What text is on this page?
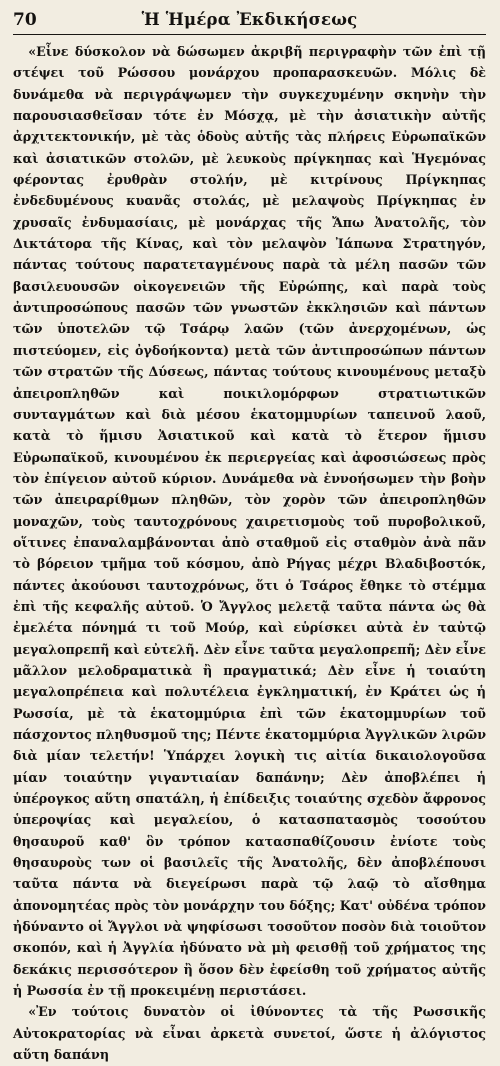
70	Ἡ Ἡμέρα Ἐκδικήσεως

«Εἶνε δύσκολον νὰ δώσωμεν ἀκριβῆ περιγραφὴν τῶν ἐπὶ τῇ στέψει τοῦ Ρώσσου μονάρχου προπαρασκευῶν. Μόλις δὲ δυνάμεθα νὰ περιγράψωμεν τὴν συγκεχυμένην σκηνὴν τὴν παρουσιασθεῖσαν τότε ἐν Μόσχᾳ, μὲ τὴν ἀσιατικὴν αὐτῆς ἀρχιτεκτονικήν, μὲ τὰς ὁδοὺς αὐτῆς τὰς πλήρεις Εὐρωπαϊκῶν καὶ ἀσιατικῶν στολῶν, μὲ λευκοὺς πρίγκηπας καὶ Ἡγεμόνας φέροντας ἐρυθρὰν στολήν, μὲ κιτρίνους Πρίγκηπας ἐνδεδυμένους κυανᾶς στολάς, μὲ μελαψοὺς Πρίγκηπας ἐν χρυσαῖς ἐνδυμασίαις, μὲ μονάρχας τῆς Ἄπω Ἀνατολῆς, τὸν Δικτάτορα τῆς Κίνας, καὶ τὸν μελαψὸν Ἰάπωνα Στρατηγόν, πάντας τούτους παρατεταγμένους παρὰ τὰ μέλη πασῶν τῶν βασιλευουσῶν οἰκογενειῶν τῆς Εὐρώπης, καὶ παρὰ τοὺς ἀντιπροσώπους πασῶν τῶν γνωστῶν ἐκκλησιῶν καὶ πάντων τῶν ὑποτελῶν τῷ Τσάρῳ λαῶν (τῶν ἀνερχομένων, ὡς πιστεύομεν, εἰς ὀγδοήκοντα) μετὰ τῶν ἀντιπροσώπων πάντων τῶν στρατῶν τῆς Δύσεως, πάντας τούτους κινουμένους μεταξὺ ἀπειροπληθῶν καὶ ποικιλομόρφων στρατιωτικῶν συνταγμάτων καὶ διὰ μέσου ἑκατομμυρίων ταπεινοῦ λαοῦ, κατὰ τὸ ἥμισυ Ἀσιατικοῦ καὶ κατὰ τὸ ἕτερον ἥμισυ Εὐρωπαϊκοῦ, κινουμένου ἐκ περιεργείας καὶ ἀφοσιώσεως πρὸς τὸν ἐπίγειον αὐτοῦ κύριον. Δυνάμεθα νὰ ἐννοήσωμεν τὴν βοὴν τῶν ἀπειραρίθμων πληθῶν, τὸν χορὸν τῶν ἀπειροπληθῶν μοναχῶν, τοὺς ταυτοχρόνους χαιρετισμοὺς τοῦ πυροβολικοῦ, οἵτινες ἐπαναλαμβάνονται ἀπὸ σταθμοῦ εἰς σταθμὸν ἀνὰ πᾶν τὸ βόρειον τμῆμα τοῦ κόσμου, ἀπὸ Ρήγας μέχρι Βλαδιβοστόκ, πάντες ἀκούουσι ταυτοχρόνως, ὅτι ὁ Τσάρος ἔθηκε τὸ στέμμα ἐπὶ τῆς κεφαλῆς αὐτοῦ. Ὁ Ἄγγλος μελετᾷ ταῦτα πάντα ὡς θὰ ἐμελέτα πόνημά τι τοῦ Μούρ, καὶ εὑρίσκει αὐτὰ ἐν ταὐτῷ μεγαλοπρεπῆ καὶ εὐτελῆ. Δὲν εἶνε ταῦτα μεγαλοπρεπῆ; Δὲν εἶνε μᾶλλον μελοδραματικὰ ἢ πραγματικά; Δὲν εἶνε ἡ τοιαύτη μεγαλοπρέπεια καὶ πολυτέλεια ἐγκληματική, ἐν Κράτει ὡς ἡ Ρωσσία, μὲ τὰ ἑκατομμύρια ἐπὶ τῶν ἑκατομμυρίων τοῦ πάσχοντος πληθυσμοῦ της; Πέντε ἑκατομμύρια Ἀγγλικῶν λιρῶν διὰ μίαν τελετήν! Ὑπάρχει λογικὴ τις αἰτία δικαιολογοῦσα μίαν τοιαύτην γιγαντιαίαν δαπάνην; Δὲν ἀποβλέπει ἡ ὑπέρογκος αὕτη σπατάλη, ἡ ἐπίδειξις τοιαύτης σχεδὸν ἄφρονος ὑπεροψίας καὶ μεγαλείου, ὁ κατασπατασμὸς τοσούτου θησαυροῦ καθ' ὃν τρόπον κατασπαθίζουσιν ἐνίοτε τοὺς θησαυροὺς των οἱ βασιλεῖς τῆς Ἀνατολῆς, δὲν ἀποβλέπουσι ταῦτα πάντα νὰ διεγείρωσι παρὰ τῷ λαῷ τὸ αἴσθημα ἀπονομητέας πρὸς τὸν μονάρχην του δόξης; Κατ' οὐδένα τρόπον ἠδύναντο οἱ Ἄγγλοι νὰ ψηφίσωσι τοσοῦτον ποσὸν διὰ τοιοῦτον σκοπόν, καὶ ἡ Ἀγγλία ἠδύνατο νὰ μὴ φεισθῇ τοῦ χρήματος της δεκάκις περισσότερον ἢ ὅσον δὲν ἐφείσθη τοῦ χρήματος αὐτῆς ἡ Ρωσσία ἐν τῇ προκειμένῃ περιστάσει.

«Ἐν τούτοις δυνατὸν οἱ ἰθύνοντες τὰ τῆς Ρωσσικῆς Αὐτοκρατορίας νὰ εἶναι ἀρκετὰ συνετοί, ὥστε ἡ ἀλόγιστος αὕτη δαπάνη
